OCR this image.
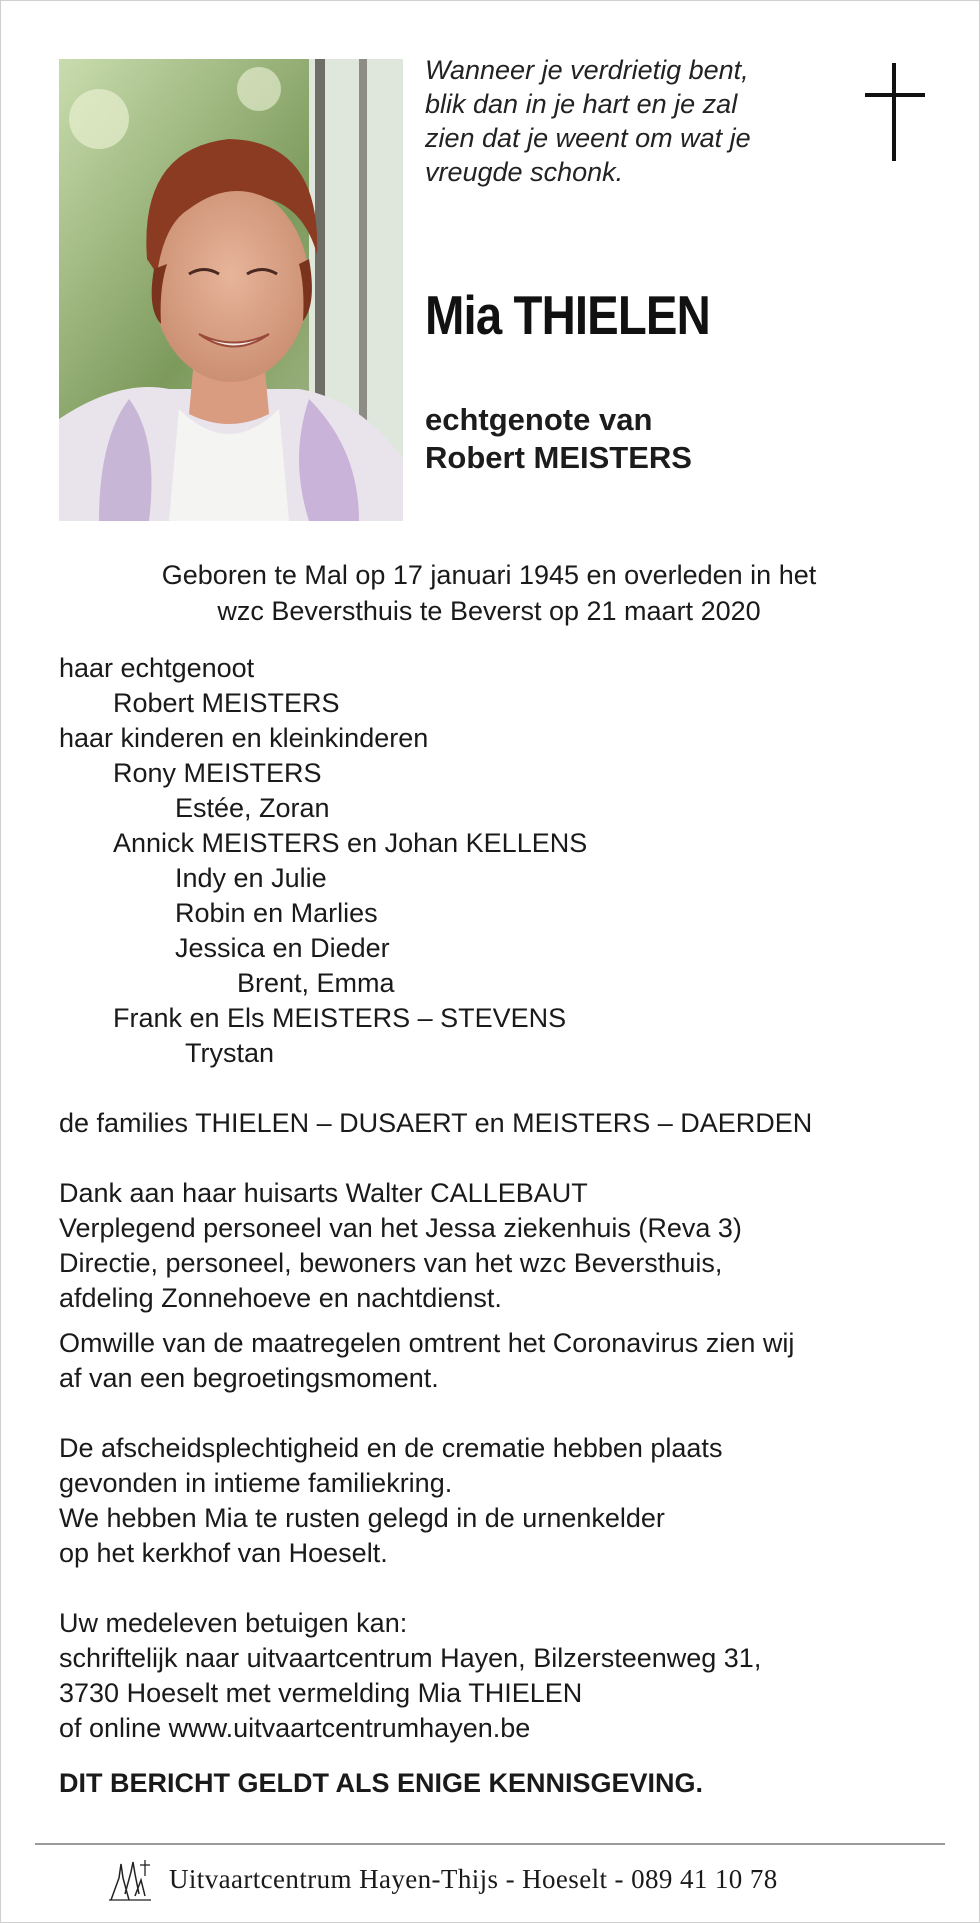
Wanneer je verdrietig bent,
blik dan in je hart en je zal
zien dat je weent om wat je
vreugde schonk.
Mia THIELEN
echtgenote van
Robert MEISTERS
Geboren te Mal op 17 januari 1945 en overleden in het
wzc Beversthuis te Beverst op 21 maart 2020
haar echtgenoot
Robert MEISTERS
haar kinderen en kleinkinderen
Rony MEISTERS
Estée, Zoran
Annick MEISTERS en Johan KELLENS
Indy en Julie
Robin en Marlies
Jessica en Dieder
Brent, Emma
Frank en Els MEISTERS – STEVENS
Trystan
de families THIELEN – DUSAERT en MEISTERS – DAERDEN
Dank aan haar huisarts Walter CALLEBAUT
Verplegend personeel van het Jessa ziekenhuis (Reva 3)
Directie, personeel, bewoners van het wzc Beversthuis,
afdeling Zonnehoeve en nachtdienst.
Omwille van de maatregelen omtrent het Coronavirus zien wij
af van een begroetingsmoment.
De afscheidsplechtigheid en de crematie hebben plaats
gevonden in intieme familiekring.
We hebben Mia te rusten gelegd in de urnenkelder
op het kerkhof van Hoeselt.
Uw medeleven betuigen kan:
schriftelijk naar uitvaartcentrum Hayen, Bilzersteenweg 31,
3730 Hoeselt met vermelding Mia THIELEN
of online www.uitvaartcentrumhayen.be
DIT BERICHT GELDT ALS ENIGE KENNISGEVING.
Uitvaartcentrum Hayen-Thijs - Hoeselt - 089 41 10 78
